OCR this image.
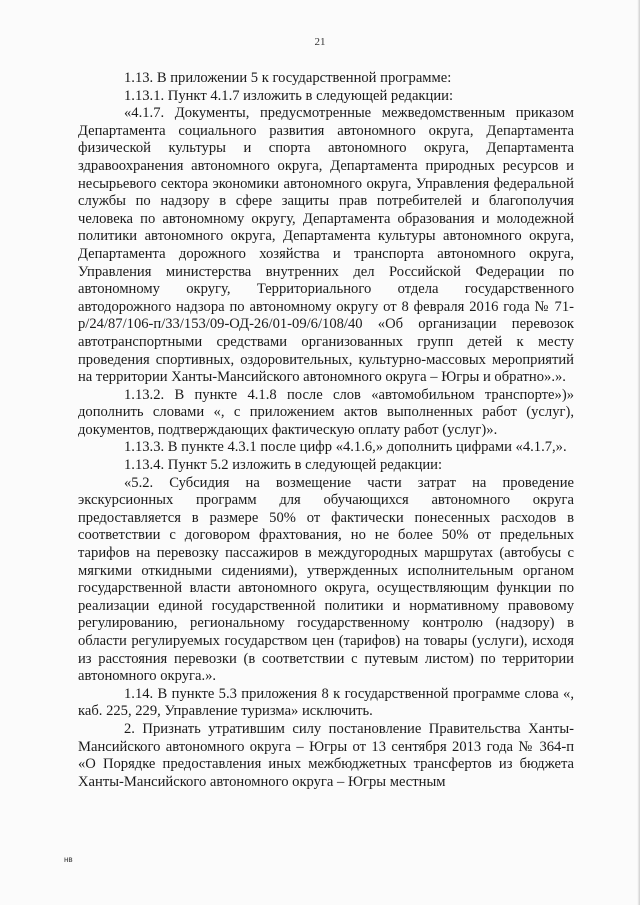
21

1.13. В приложении 5 к государственной программе:

1.13.1. Пункт 4.1.7 изложить в следующей редакции:

«4.1.7. Документы, предусмотренные межведомственным приказом Департамента социального развития автономного округа, Департамента физической культуры и спорта автономного округа, Департамента здравоохранения автономного округа, Департамента природных ресурсов и несырьевого сектора экономики автономного округа, Управления федеральной службы по надзору в сфере защиты прав потребителей и благополучия человека по автономному округу, Департамента образования и молодежной политики автономного округа, Департамента культуры автономного округа, Департамента дорожного хозяйства и транспорта автономного округа, Управления министерства внутренних дел Российской Федерации по автономному округу, Территориального отдела государственного автодорожного надзора по автономному округу от 8 февраля 2016 года № 71-р/24/87/106-п/33/153/09-ОД-26/01-09/6/108/40 «Об организации перевозок автотранспортными средствами организованных групп детей к месту проведения спортивных, оздоровительных, культурно-массовых мероприятий на территории Ханты-Мансийского автономного округа – Югры и обратно».».

1.13.2. В пункте 4.1.8 после слов «автомобильном транспорте»)» дополнить словами «, с приложением актов выполненных работ (услуг), документов, подтверждающих фактическую оплату работ (услуг)».

1.13.3. В пункте 4.3.1 после цифр «4.1.6,» дополнить цифрами «4.1.7,».

1.13.4. Пункт 5.2 изложить в следующей редакции:

«5.2. Субсидия на возмещение части затрат на проведение экскурсионных программ для обучающихся автономного округа предоставляется в размере 50% от фактически понесенных расходов в соответствии с договором фрахтования, но не более 50% от предельных тарифов на перевозку пассажиров в междугородных маршрутах (автобусы с мягкими откидными сидениями), утвержденных исполнительным органом государственной власти автономного округа, осуществляющим функции по реализации единой государственной политики и нормативному правовому регулированию, региональному государственному контролю (надзору) в области регулируемых государством цен (тарифов) на товары (услуги), исходя из расстояния перевозки (в соответствии с путевым листом) по территории автономного округа.».

1.14. В пункте 5.3 приложения 8 к государственной программе слова «, каб. 225, 229, Управление туризма» исключить.

2. Признать утратившим силу постановление Правительства Ханты-Мансийского автономного округа – Югры от 13 сентября 2013 года № 364-п «О Порядке предоставления иных межбюджетных трансфертов из бюджета Ханты-Мансийского автономного округа – Югры местным

нв
